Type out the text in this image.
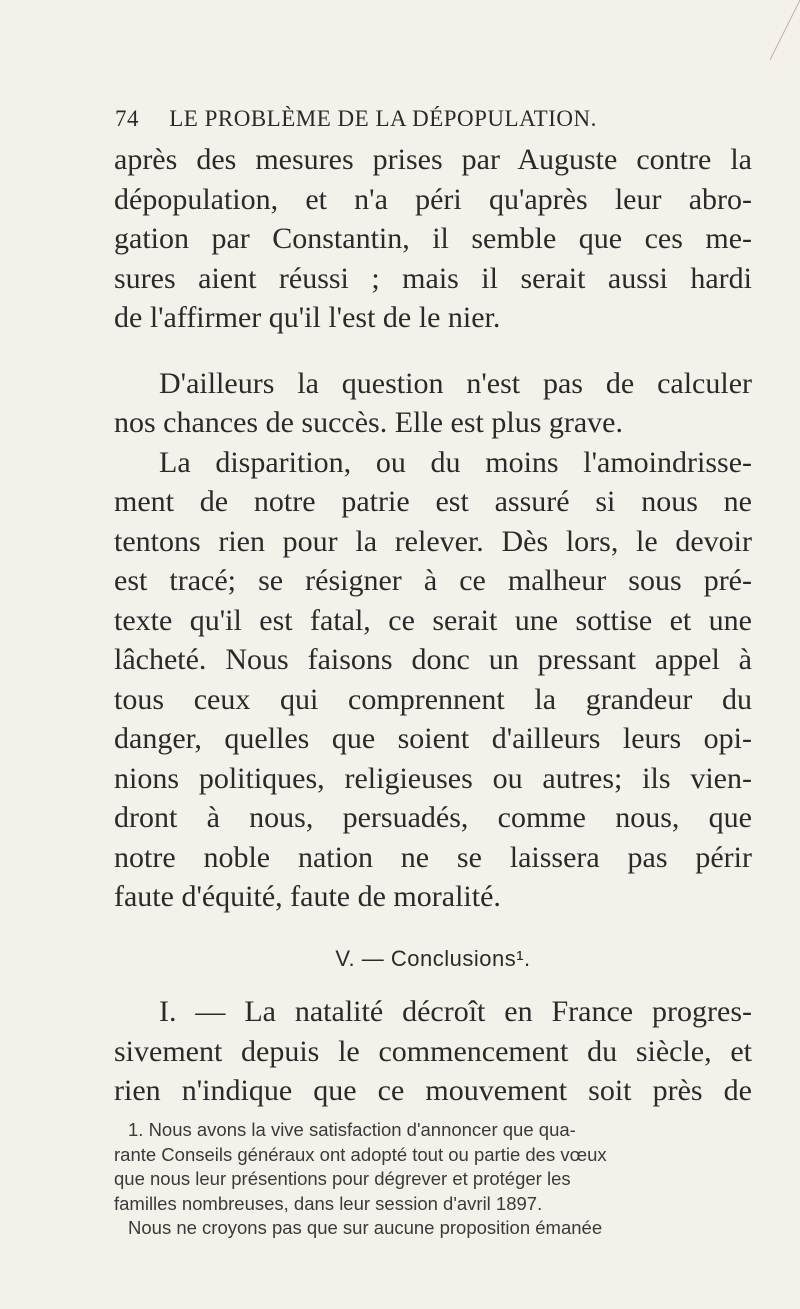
74 LE PROBLÈME DE LA DÉPOPULATION.

après des mesures prises par Auguste contre la
dépopulation, et n'a péri qu'après leur abro-
gation par Constantin, il semble que ces me-
sures aient réussi ; mais il serait aussi hardi
de l'affirmer qu'il l'est de le nier.

D'ailleurs la question n'est pas de calculer
nos chances de succès. Elle est plus grave.

La disparition, ou du moins l'amoindrisse-
ment de notre patrie est assuré si nous ne
tentons rien pour la relever. Dès lors, le devoir
est tracé; se résigner à ce malheur sous pré-
texte qu'il est fatal, ce serait une sottise et une
lâcheté. Nous faisons donc un pressant appel à
tous ceux qui comprennent la grandeur du
danger, quelles que soient d'ailleurs leurs opi-
nions politiques, religieuses ou autres; ils vien-
dront à nous, persuadés, comme nous, que
notre noble nation ne se laissera pas périr
faute d'équité, faute de moralité.

V. — Conclusions¹.

I. — La natalité décroît en France progres-
sivement depuis le commencement du siècle, et
rien n'indique que ce mouvement soit près de

1. Nous avons la vive satisfaction d'annoncer que qua-
rante Conseils généraux ont adopté tout ou partie des vœux
que nous leur présentions pour dégrever et protéger les
familles nombreuses, dans leur session d'avril 1897.
Nous ne croyons pas que sur aucune proposition émanée
